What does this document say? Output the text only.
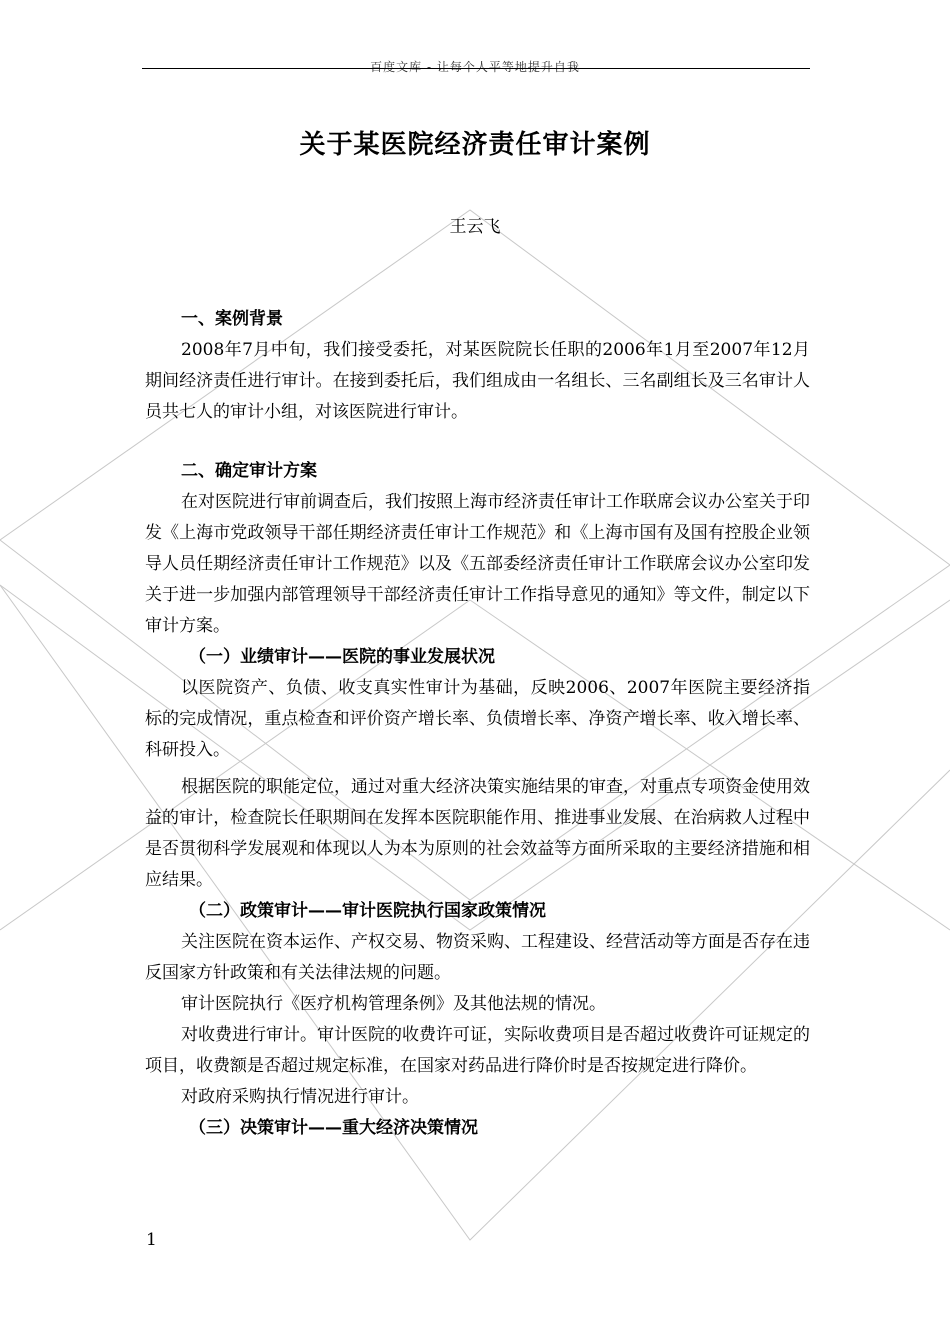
百度文库 - 让每个人平等地提升自我
关于某医院经济责任审计案例
王云飞

一、案例背景

2008年7月中旬，我们接受委托，对某医院院长任职的2006年1月至2007年12月期间经济责任进行审计。在接到委托后，我们组成由一名组长、三名副组长及三名审计人员共七人的审计小组，对该医院进行审计。

二、确定审计方案

在对医院进行审前调查后，我们按照上海市经济责任审计工作联席会议办公室关于印发《上海市党政领导干部任期经济责任审计工作规范》和《上海市国有及国有控股企业领导人员任期经济责任审计工作规范》以及《五部委经济责任审计工作联席会议办公室印发关于进一步加强内部管理领导干部经济责任审计工作指导意见的通知》等文件，制定以下审计方案。

（一）业绩审计——医院的事业发展状况

以医院资产、负债、收支真实性审计为基础，反映2006、2007年医院主要经济指标的完成情况，重点检查和评价资产增长率、负债增长率、净资产增长率、收入增长率、科研投入。

根据医院的职能定位，通过对重大经济决策实施结果的审查，对重点专项资金使用效益的审计，检查院长任职期间在发挥本医院职能作用、推进事业发展、在治病救人过程中是否贯彻科学发展观和体现以人为本为原则的社会效益等方面所采取的主要经济措施和相应结果。

（二）政策审计——审计医院执行国家政策情况

关注医院在资本运作、产权交易、物资采购、工程建设、经营活动等方面是否存在违反国家方针政策和有关法律法规的问题。

审计医院执行《医疗机构管理条例》及其他法规的情况。

对收费进行审计。审计医院的收费许可证，实际收费项目是否超过收费许可证规定的项目，收费额是否超过规定标准，在国家对药品进行降价时是否按规定进行降价。

对政府采购执行情况进行审计。

（三）决策审计——重大经济决策情况

1
